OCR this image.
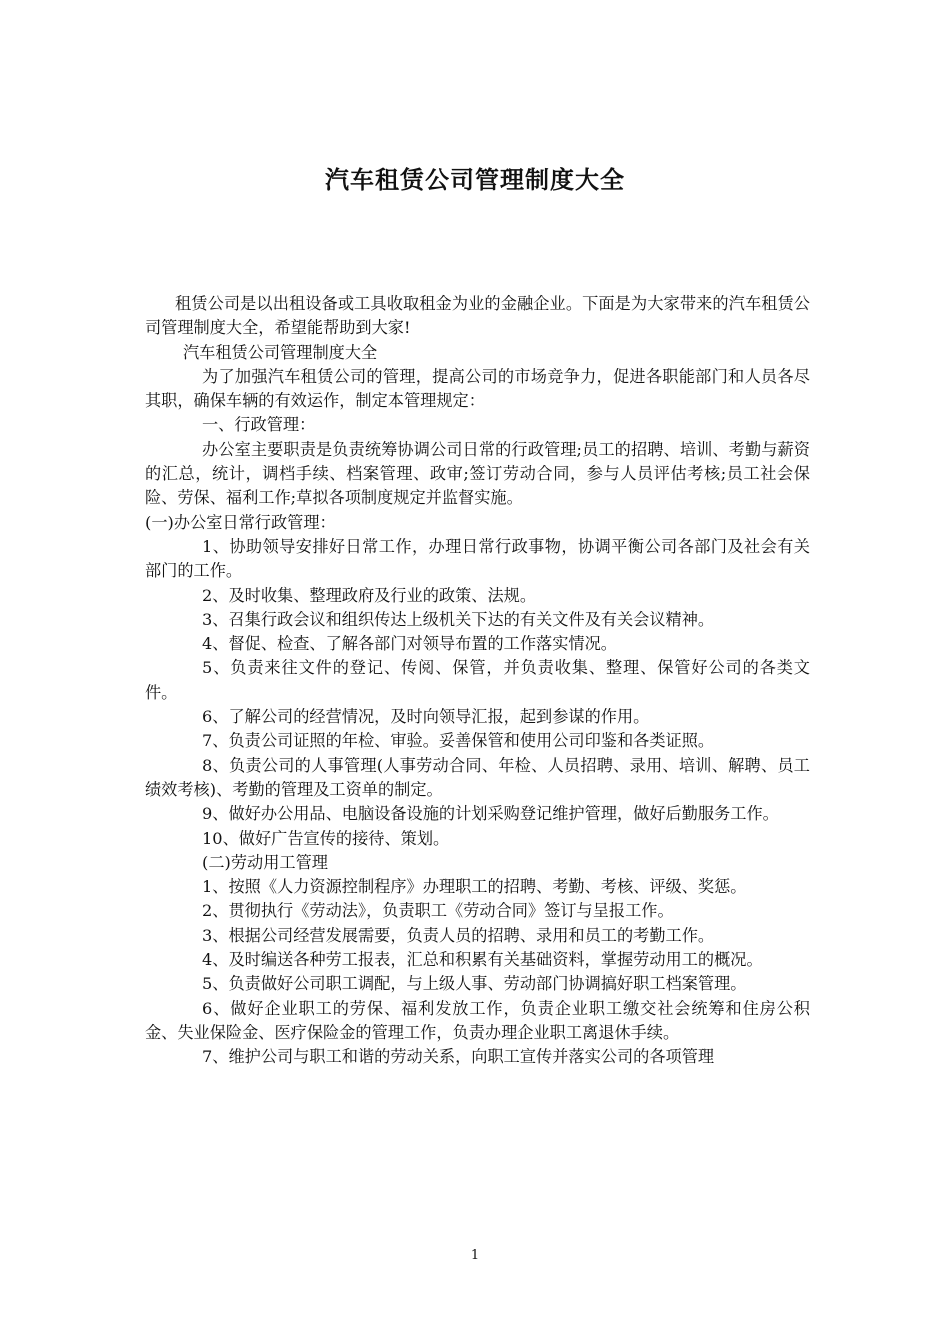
汽车租赁公司管理制度大全

租赁公司是以出租设备或工具收取租金为业的金融企业。下面是为大家带来的汽车租赁公司管理制度大全，希望能帮助到大家!

汽车租赁公司管理制度大全

为了加强汽车租赁公司的管理，提高公司的市场竞争力，促进各职能部门和人员各尽其职，确保车辆的有效运作，制定本管理规定：

一、行政管理：

办公室主要职责是负责统筹协调公司日常的行政管理;员工的招聘、培训、考勤与薪资的汇总，统计，调档手续、档案管理、政审;签订劳动合同，参与人员评估考核;员工社会保险、劳保、福利工作;草拟各项制度规定并监督实施。

(一)办公室日常行政管理：

1、协助领导安排好日常工作，办理日常行政事物，协调平衡公司各部门及社会有关部门的工作。

2、及时收集、整理政府及行业的政策、法规。

3、召集行政会议和组织传达上级机关下达的有关文件及有关会议精神。

4、督促、检查、了解各部门对领导布置的工作落实情况。

5、负责来往文件的登记、传阅、保管，并负责收集、整理、保管好公司的各类文件。

6、了解公司的经营情况，及时向领导汇报，起到参谋的作用。

7、负责公司证照的年检、审验。妥善保管和使用公司印鉴和各类证照。

8、负责公司的人事管理(人事劳动合同、年检、人员招聘、录用、培训、解聘、员工绩效考核)、考勤的管理及工资单的制定。

9、做好办公用品、电脑设备设施的计划采购登记维护管理，做好后勤服务工作。

10、做好广告宣传的接待、策划。

(二)劳动用工管理

1、按照《人力资源控制程序》办理职工的招聘、考勤、考核、评级、奖惩。

2、贯彻执行《劳动法》，负责职工《劳动合同》签订与呈报工作。

3、根据公司经营发展需要，负责人员的招聘、录用和员工的考勤工作。

4、及时编送各种劳工报表，汇总和积累有关基础资料，掌握劳动用工的概况。

5、负责做好公司职工调配，与上级人事、劳动部门协调搞好职工档案管理。

6、做好企业职工的劳保、福利发放工作，负责企业职工缴交社会统筹和住房公积金、失业保险金、医疗保险金的管理工作，负责办理企业职工离退休手续。

7、维护公司与职工和谐的劳动关系，向职工宣传并落实公司的各项管理

1
